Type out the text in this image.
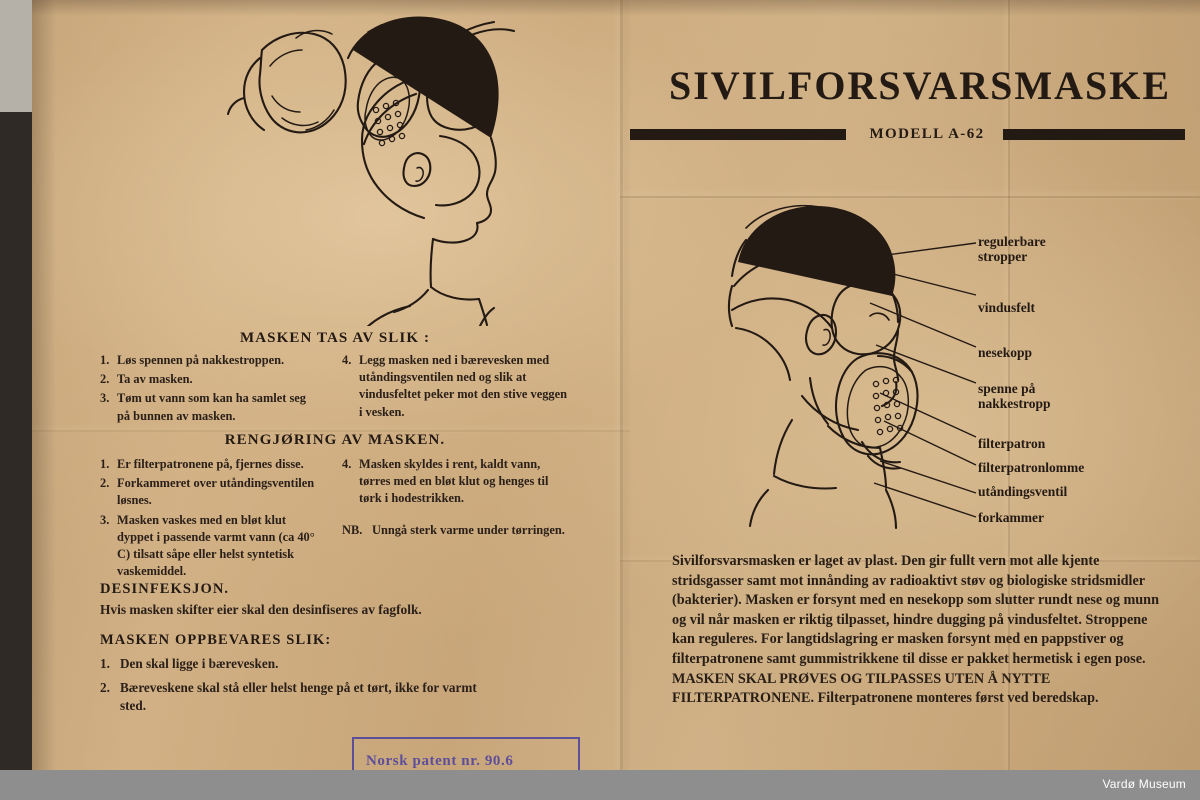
SIVILFORSVARSMASKE
MODELL A-62
regulerbare
stropper
vindusfelt
nesekopp
spenne på
nakkestropp
filterpatron
filterpatronlomme
utåndingsventil
forkammer
Sivilforsvarsmasken er laget av plast. Den gir fullt vern mot alle kjente stridsgasser samt mot innånding av radioaktivt støv og biologiske stridsmidler (bakterier). Masken er forsynt med en nesekopp som slutter rundt nese og munn og vil når masken er riktig tilpasset, hindre dugging på vindusfeltet. Stroppene kan reguleres. For langtidslagring er masken forsynt med en pappstiver og filterpatronene samt gummistrikkene til disse er pakket hermetisk i egen pose. MASKEN SKAL PRØVES OG TILPASSES UTEN Å NYTTE FILTERPATRONENE. Filterpatronene monteres først ved beredskap.
MASKEN TAS AV SLIK :
1. Løs spennen på nakkestroppen.
2. Ta av masken.
3. Tøm ut vann som kan ha samlet seg på bunnen av masken.
4. Legg masken ned i bærevesken med utåndingsventilen ned og slik at vindusfeltet peker mot den stive veggen i vesken.
RENGJØRING AV MASKEN.
1. Er filterpatronene på, fjernes disse.
2. Forkammeret over utåndingsventilen løsnes.
3. Masken vaskes med en bløt klut dyppet i passende varmt vann (ca 40° C) tilsatt såpe eller helst syntetisk vaskemiddel.
4. Masken skyldes i rent, kaldt vann, tørres med en bløt klut og henges til tørk i hodestrikken.
NB. Unngå sterk varme under tørringen.
DESINFEKSJON.
Hvis masken skifter eier skal den desinfiseres av fagfolk.
MASKEN OPPBEVARES SLIK:
1. Den skal ligge i bærevesken.
2. Bæreveskene skal stå eller helst henge på et tørt, ikke for varmt sted.
Norsk patent nr. 90.6
Vardø Museum
